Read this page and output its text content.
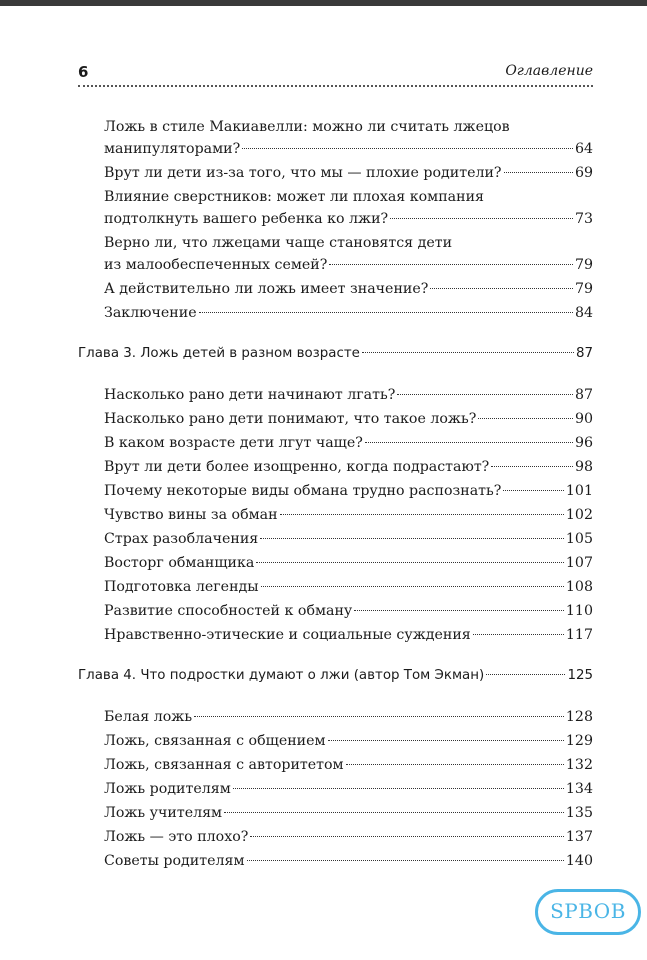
6	Оглавление
Ложь в стиле Макиавелли: можно ли считать лжецов
манипуляторами?	64
Врут ли дети из-за того, что мы — плохие родители?	69
Влияние сверстников: может ли плохая компания
подтолкнуть вашего ребенка ко лжи?	73
Верно ли, что лжецами чаще становятся дети
из малообеспеченных семей?	79
А действительно ли ложь имеет значение?	79
Заключение	84
Глава 3. Ложь детей в разном возрасте	87
Насколько рано дети начинают лгать?	87
Насколько рано дети понимают, что такое ложь?	90
В каком возрасте дети лгут чаще?	96
Врут ли дети более изощренно, когда подрастают?	98
Почему некоторые виды обмана трудно распознать?	101
Чувство вины за обман	102
Страх разоблачения	105
Восторг обманщика	107
Подготовка легенды	108
Развитие способностей к обману	110
Нравственно-этические и социальные суждения	117
Глава 4. Что подростки думают о лжи (автор Том Экман)	125
Белая ложь	128
Ложь, связанная с общением	129
Ложь, связанная с авторитетом	132
Ложь родителям	134
Ложь учителям	135
Ложь — это плохо?	137
Советы родителям	140
SPBOB
